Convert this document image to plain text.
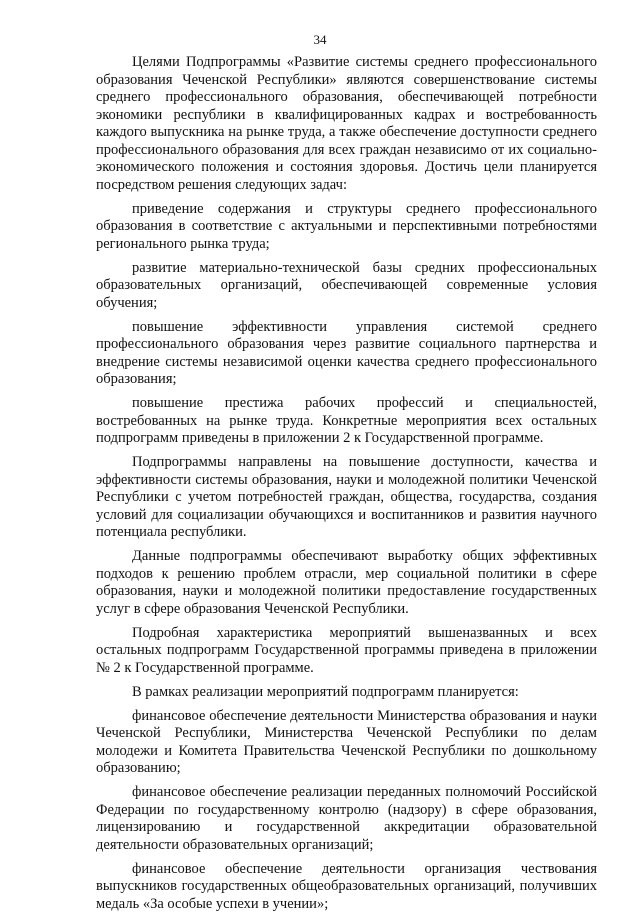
34

Целями Подпрограммы «Развитие системы среднего профессионального образования Чеченской Республики» являются совершенствование системы среднего профессионального образования, обеспечивающей потребности экономики республики в квалифицированных кадрах и востребованность каждого выпускника на рынке труда, а также обеспечение доступности среднего профессионального образования для всех граждан независимо от их социально-экономического положения и состояния здоровья. Достичь цели планируется посредством решения следующих задач:

приведение содержания и структуры среднего профессионального образования в соответствие с актуальными и перспективными потребностями регионального рынка труда;

развитие материально-технической базы средних профессиональных образовательных организаций, обеспечивающей современные условия обучения;

повышение эффективности управления системой среднего профессионального образования через развитие социального партнерства и внедрение системы независимой оценки качества среднего профессионального образования;

повышение престижа рабочих профессий и специальностей, востребованных на рынке труда. Конкретные мероприятия всех остальных подпрограмм приведены в приложении 2 к Государственной программе.

Подпрограммы направлены на повышение доступности, качества и эффективности системы образования, науки и молодежной политики Чеченской Республики с учетом потребностей граждан, общества, государства, создания условий для социализации обучающихся и воспитанников и развития научного потенциала республики.

Данные подпрограммы обеспечивают выработку общих эффективных подходов к решению проблем отрасли, мер социальной политики в сфере образования, науки и молодежной политики предоставление государственных услуг в сфере образования Чеченской Республики.

Подробная характеристика мероприятий вышеназванных и всех остальных подпрограмм Государственной программы приведена в приложении № 2 к Государственной программе.

В рамках реализации мероприятий подпрограмм планируется:

финансовое обеспечение деятельности Министерства образования и науки Чеченской Республики, Министерства Чеченской Республики по делам молодежи и Комитета Правительства Чеченской Республики по дошкольному образованию;

финансовое обеспечение реализации переданных полномочий Российской Федерации по государственному контролю (надзору) в сфере образования, лицензированию и государственной аккредитации образовательной деятельности образовательных организаций;

финансовое обеспечение деятельности организация чествования выпускников государственных общеобразовательных организаций, получивших медаль «За особые успехи в учении»;
